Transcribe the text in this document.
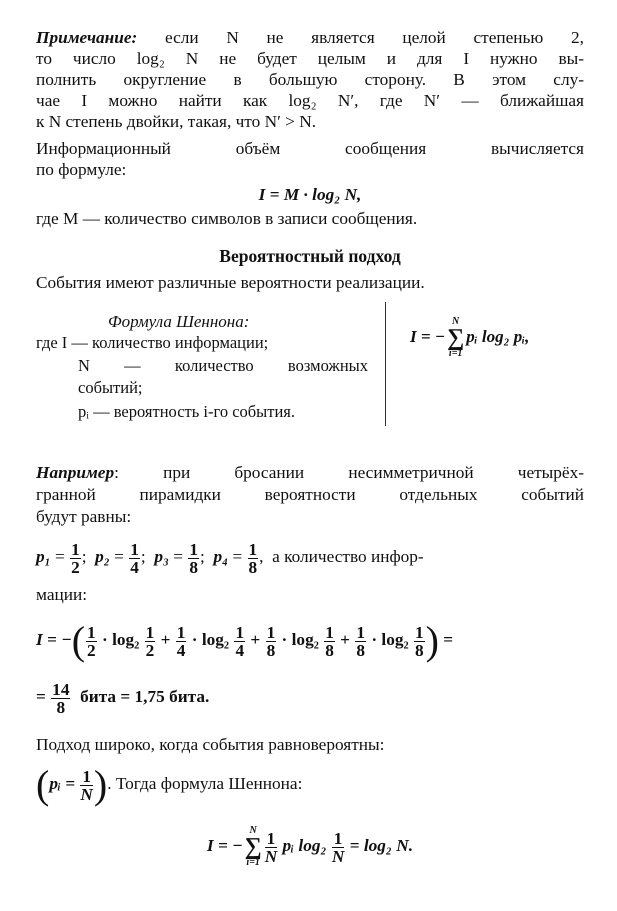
Примечание: если N не является целой степенью 2,
то число log₂ N не будет целым и для I нужно вы-
полнить округление в большую сторону. В этом слу-
чае I можно найти как log₂ N′, где N′ — ближайшая
к N степень двойки, такая, что N′ > N.
Информационный объём сообщения вычисляется
по формуле:
I = M · log₂ N,
где M — количество символов в записи сообщения.
Вероятностный подход
События имеют различные вероятности реализации.
Формула Шеннона:
где I — количество информации;
N — количество возможных
событий;
pᵢ — вероятность i-го события.
I = −
N
∑
i=1
pᵢ log₂ pᵢ,
Например: при бросании несимметричной четырёх-
гранной пирамидки вероятности отдельных событий
будут равны:
$p_1 = \frac{1}{2}$ ;  $p_2 = \frac{1}{4}$ ;  $p_3 = \frac{1}{8}$ ;  $p_4 = \frac{1}{8}$ ,  а количество инфор-
мации:
I = −( $\frac{1}{2} \cdot \log_2 \frac{1}{2} + \frac{1}{4} \cdot \log_2 \frac{1}{4} + \frac{1}{8} \cdot \log_2 \frac{1}{8} + \frac{1}{8} \cdot \log_2 \frac{1}{8}$ ) =
= $\frac{14}{8}$ бита = 1,75 бита.
Подход широко, когда события равновероятны:
(pᵢ = $\frac{1}{N}$ ). Тогда формула Шеннона:
I = −
N
∑
$i=1 \frac{1}{N}$ pᵢ $\log_2 \frac{1}{N} = \log_2$ N.
